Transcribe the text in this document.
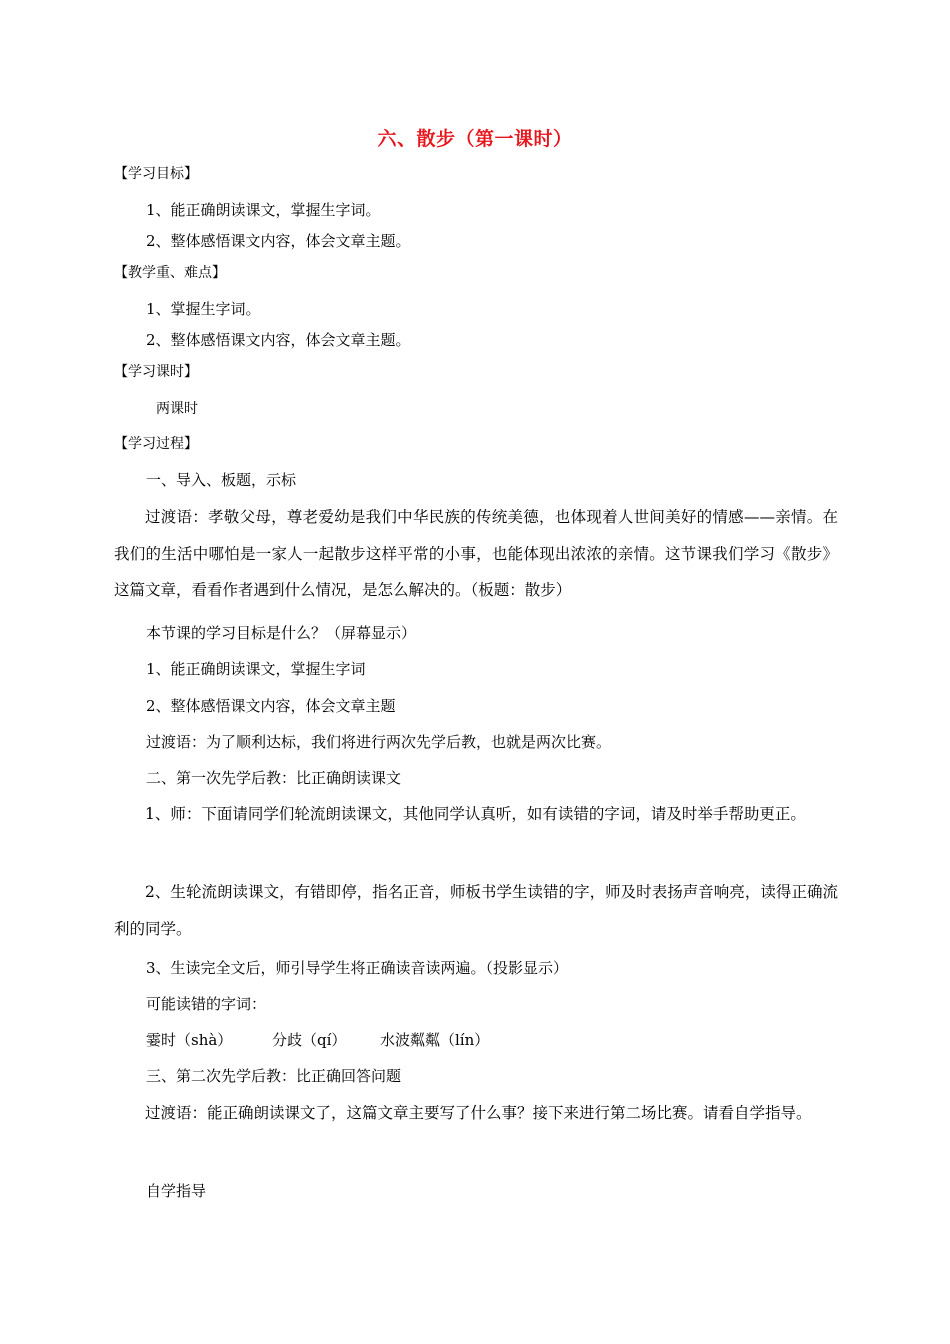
六、散步（第一课时）
【学习目标】
1、能正确朗读课文，掌握生字词。
2、整体感悟课文内容，体会文章主题。
【教学重、难点】
1、掌握生字词。
2、整体感悟课文内容，体会文章主题。
【学习课时】
两课时
【学习过程】
一、导入、板题，示标
过渡语：孝敬父母，尊老爱幼是我们中华民族的传统美德，也体现着人世间美好的情感——亲情。在我们的生活中哪怕是一家人一起散步这样平常的小事，也能体现出浓浓的亲情。这节课我们学习《散步》这篇文章，看看作者遇到什么情况，是怎么解决的。（板题：散步）
本节课的学习目标是什么？（屏幕显示）
1、能正确朗读课文，掌握生字词
2、整体感悟课文内容，体会文章主题
过渡语：为了顺利达标，我们将进行两次先学后教，也就是两次比赛。
二、第一次先学后教：比正确朗读课文
1、师：下面请同学们轮流朗读课文，其他同学认真听，如有读错的字词，请及时举手帮助更正。
2、生轮流朗读课文，有错即停，指名正音，师板书学生读错的字，师及时表扬声音响亮，读得正确流利的同学。
3、生读完全文后，师引导学生将正确读音读两遍。（投影显示）
可能读错的字词：
霎时（shà）	分歧（qí） 水波粼粼（lín）
三、第二次先学后教：比正确回答问题
过渡语：能正确朗读课文了，这篇文章主要写了什么事？接下来进行第二场比赛。请看自学指导。
自学指导
